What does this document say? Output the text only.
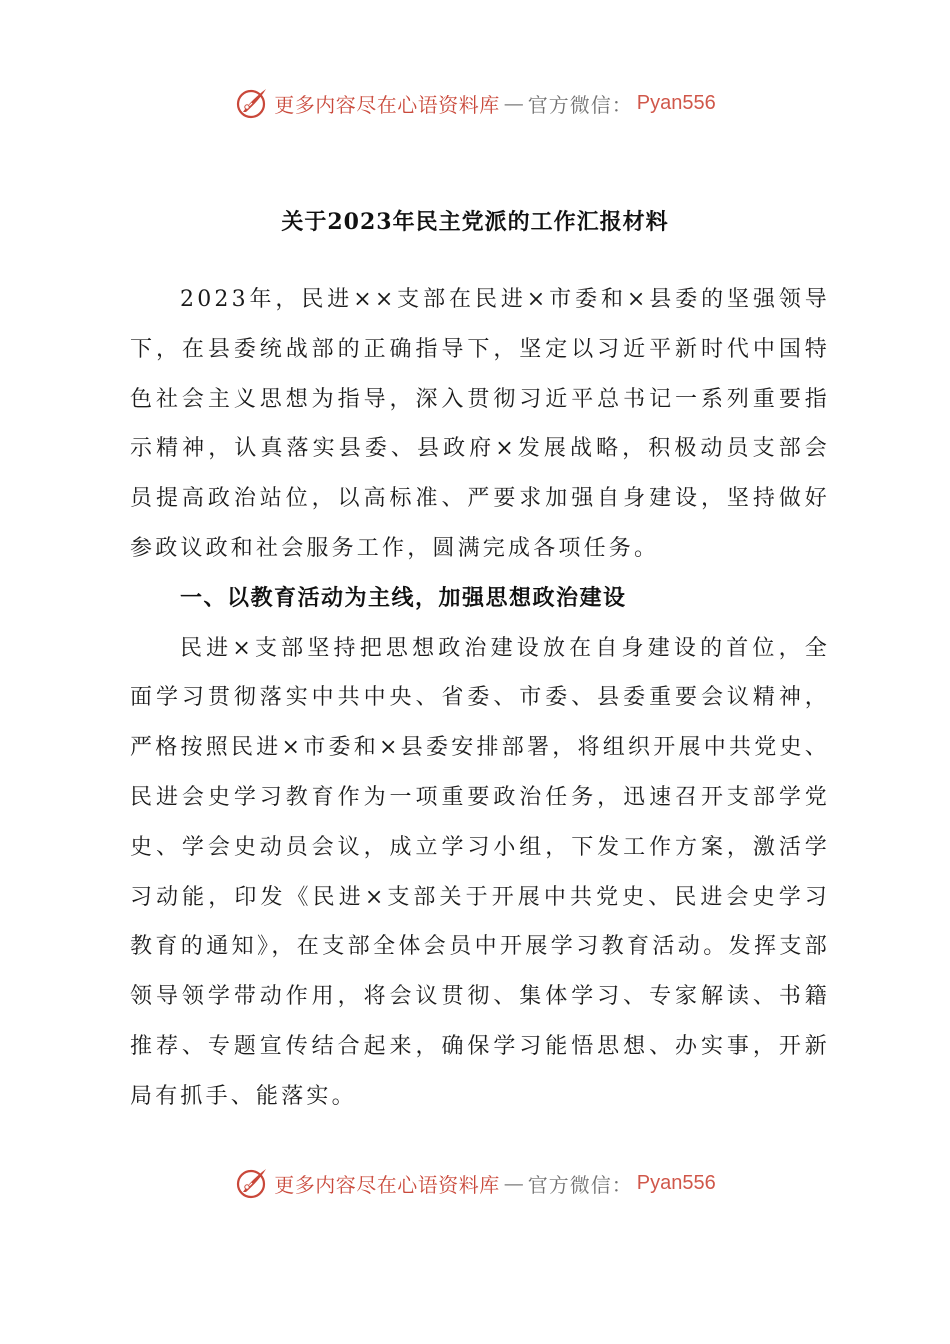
更多内容尽在心语资料库 — 官方微信： Pyan556
关于2023年民主党派的工作汇报材料

2023年，民进××支部在民进×市委和×县委的坚强领导下，在县委统战部的正确指导下，坚定以习近平新时代中国特色社会主义思想为指导，深入贯彻习近平总书记一系列重要指示精神，认真落实县委、县政府×发展战略，积极动员支部会员提高政治站位，以高标准、严要求加强自身建设，坚持做好参政议政和社会服务工作，圆满完成各项任务。

一、以教育活动为主线，加强思想政治建设

民进×支部坚持把思想政治建设放在自身建设的首位，全面学习贯彻落实中共中央、省委、市委、县委重要会议精神，严格按照民进×市委和×县委安排部署，将组织开展中共党史、民进会史学习教育作为一项重要政治任务，迅速召开支部学党史、学会史动员会议，成立学习小组，下发工作方案，激活学习动能，印发《民进×支部关于开展中共党史、民进会史学习教育的通知》，在支部全体会员中开展学习教育活动。发挥支部领导领学带动作用，将会议贯彻、集体学习、专家解读、书籍推荐、专题宣传结合起来，确保学习能悟思想、办实事，开新局有抓手、能落实。

更多内容尽在心语资料库 — 官方微信： Pyan556
